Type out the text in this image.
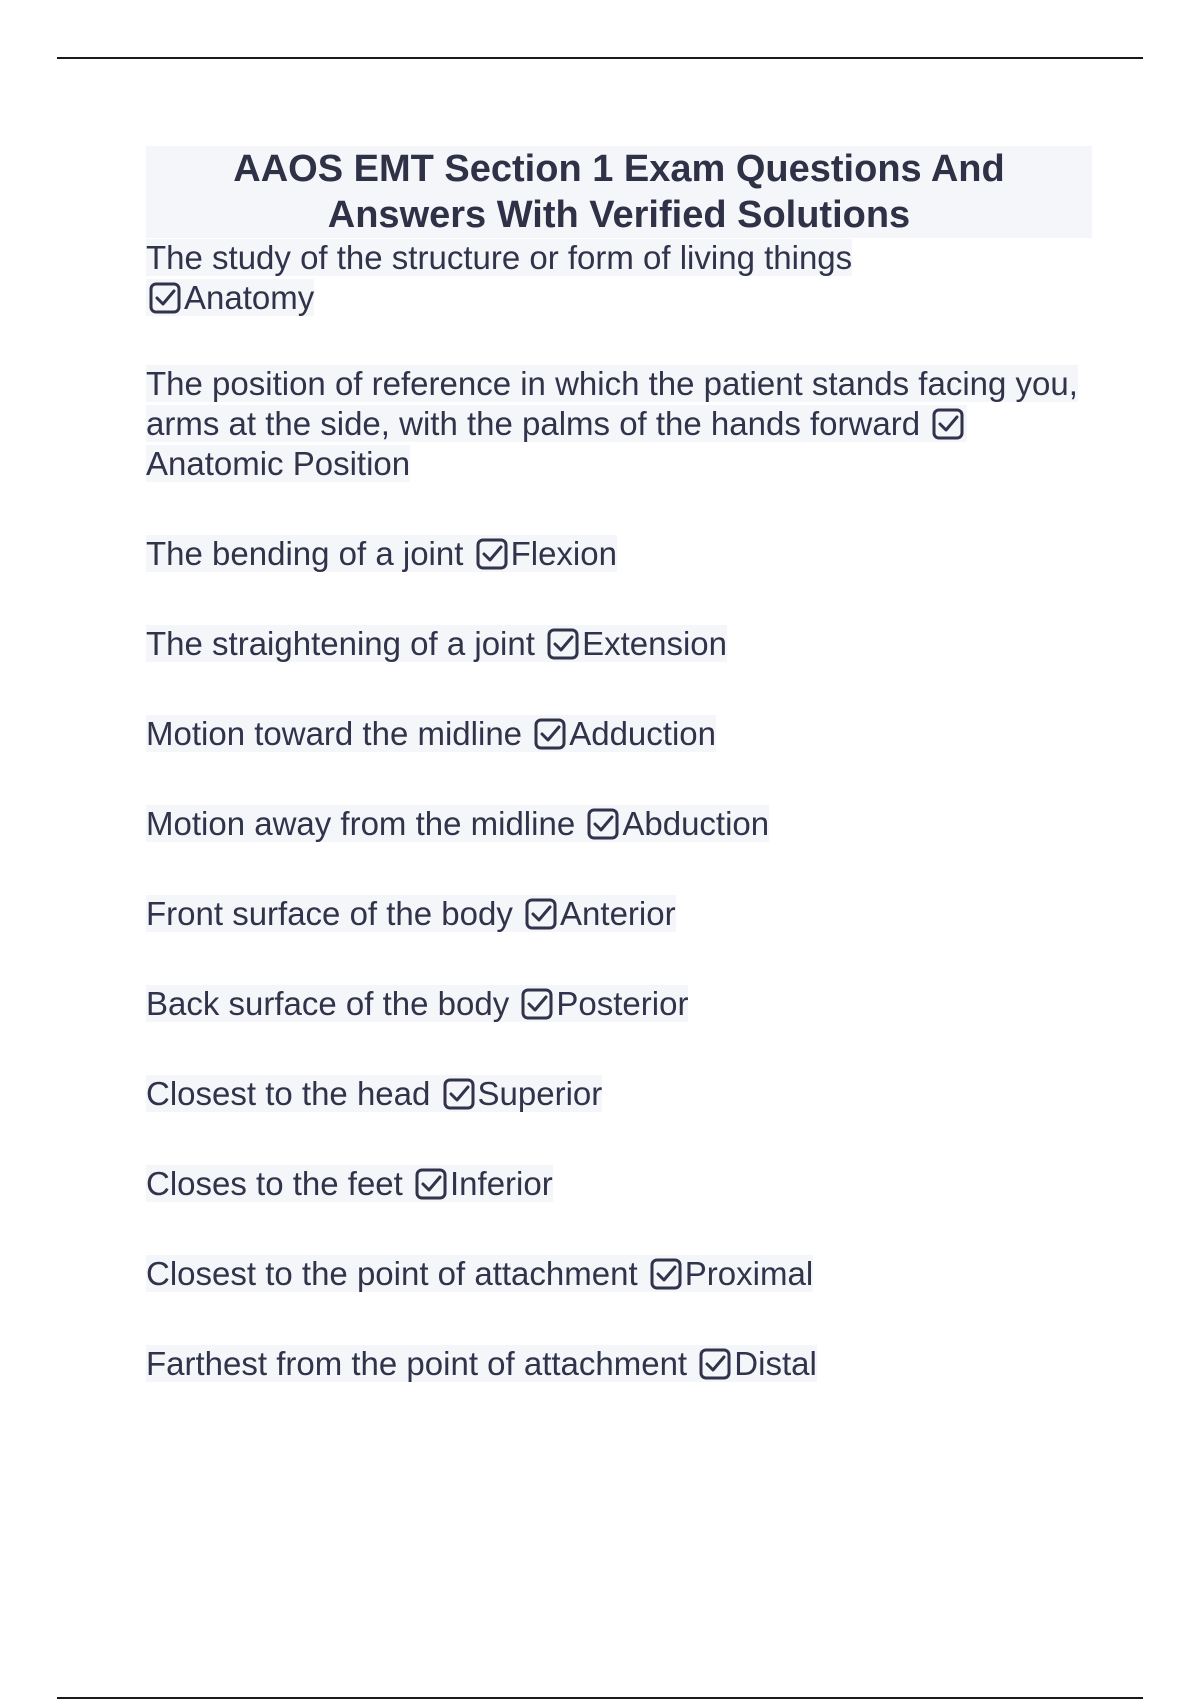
AAOS EMT Section 1 Exam Questions And
Answers With Verified Solutions
The study of the structure or form of living things

Anatomy
The position of reference in which the patient stands facing you, arms at the side, with the palms of the hands forward
Anatomic Position
The bending of a joint Flexion
The straightening of a joint Extension
Motion toward the midline Adduction
Motion away from the midline Abduction
Front surface of the body Anterior
Back surface of the body Posterior
Closest to the head Superior
Closes to the feet Inferior
Closest to the point of attachment Proximal
Farthest from the point of attachment Distal
